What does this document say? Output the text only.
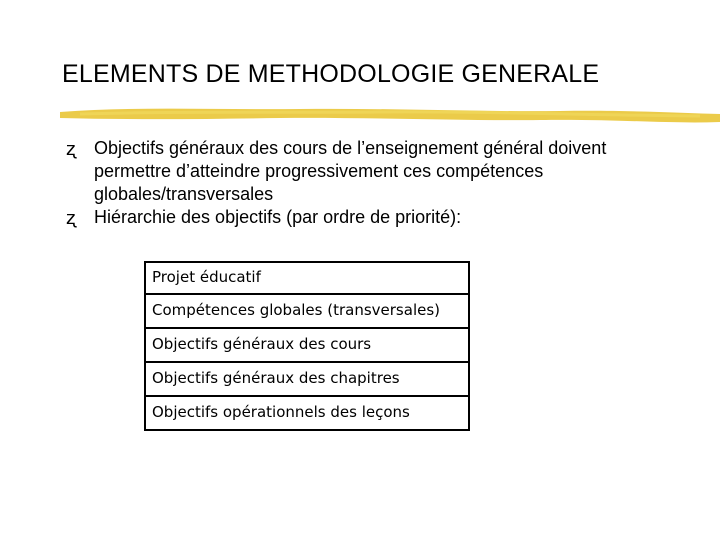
ELEMENTS DE METHODOLOGIE GENERALE
ʐ Objectifs généraux des cours de l’enseignement général doivent permettre d’atteindre progressivement ces compétences globales/transversales
ʐ Hiérarchie des objectifs (par ordre de priorité):
Projet éducatif
Compétences globales (transversales)
Objectifs généraux des cours
Objectifs généraux des chapitres
Objectifs opérationnels des leçons
